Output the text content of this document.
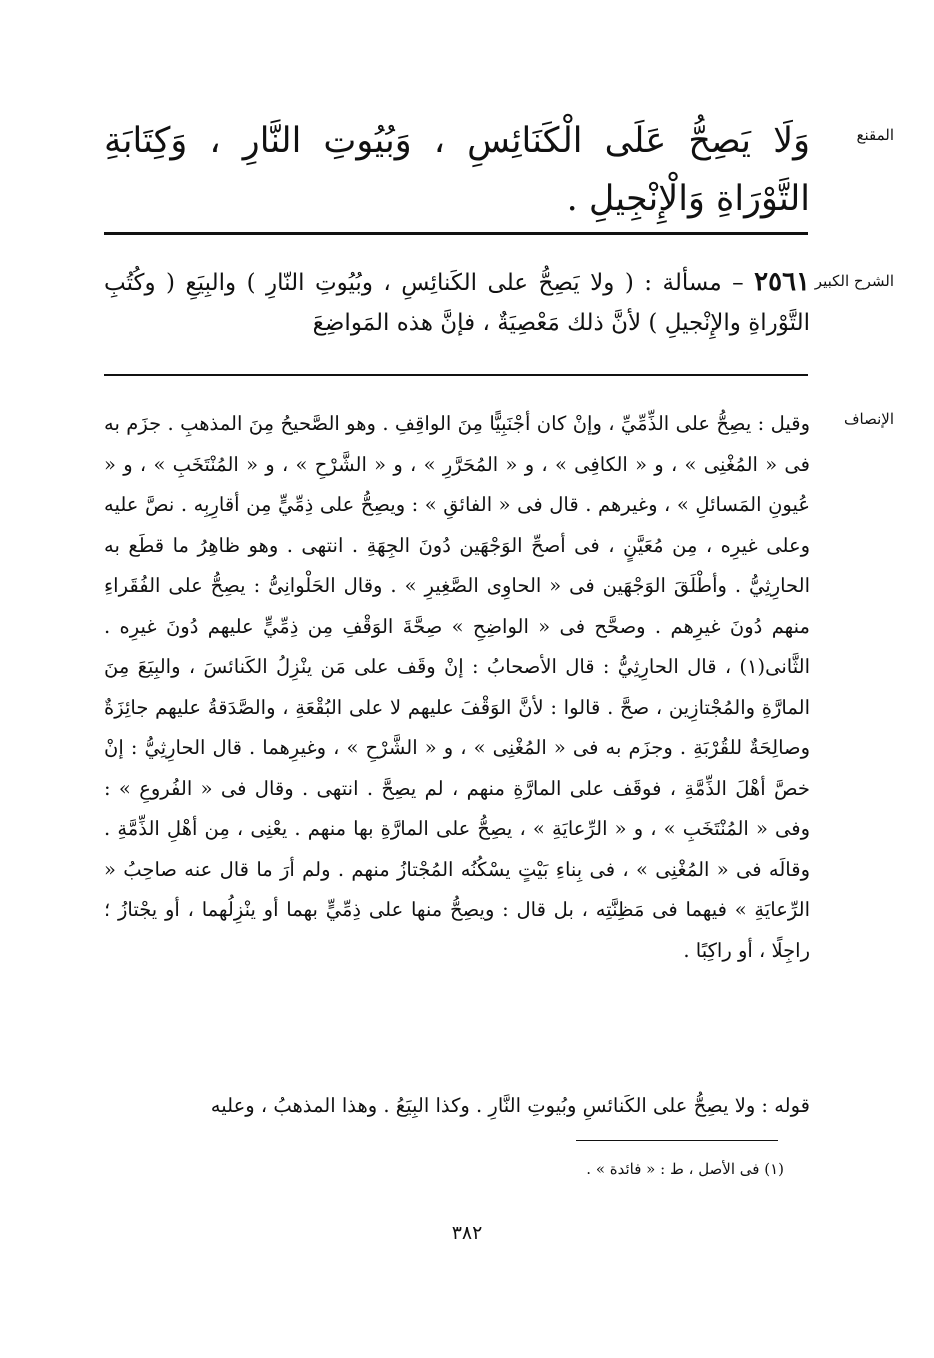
المقنع

وَلَا يَصِحُّ عَلَى الْكَنَائِسِ ، وَبُيُوتِ النَّارِ ، وَكِتَابَةِ التَّوْرَاةِ وَالْإِنْجِيلِ .

الشرح الكبير

٢٥٦١ – مسألة : ( ولا يَصِحُّ على الكَنائِسِ ، وبُيُوتِ النّارِ ) والبِيَعِ ( وكُتُبِ التَّوْراةِ والإِنْجيلِ ) لأنَّ ذلك مَعْصِيَةٌ ، فإنَّ هذه المَواضِعَ

الإنصاف

وقيل : يصِحُّ على الذِّمِّيِّ ، وإنْ كان أجْنَبِيًّا مِنَ الواقِفِ . وهو الصَّحيحُ مِنَ المذهبِ . جزَم به فى « المُغْنِى » ، و « الكافِى » ، و « المُحَرَّرِ » ، و « الشَّرْحِ » ، و « المُنْتَخَبِ » ، و « عُيونِ المَسائلِ » ، وغيرهم . قال فى « الفائقِ » : ويصِحُّ على ذِمِّيٍّ مِن أقارِبِه . نصَّ عليه وعلى غيرِه ، مِن مُعَيَّنٍ ، فى أصحِّ الوَجْهَين دُونَ الجِهَةِ . انتهى . وهو ظاهِرُ ما قطَع به الحارِثِيُّ . وأطْلَقَ الوَجْهَين فى « الحاوِى الصَّغِيرِ » . وقال الحَلْوانِىُّ : يصِحُّ على الفُقَراءِ منهم دُونَ غيرِهم . وصحَّح فى « الواضِحِ » صِحَّةَ الوَقْفِ مِن ذِمِّيٍّ عليهم دُونَ غيرِه . الثَّانى(١) ، قال الحارِثِيُّ : قال الأصحابُ : إنْ وقَف على مَن ينْزِلُ الكَنائسَ ، والبِيَعَ مِنَ المارَّةِ والمُجْتازِين ، صحَّ . قالوا : لأنَّ الوَقْفَ عليهم لا على البُقْعَةِ ، والصَّدَقةُ عليهم جائِزَةٌ وصالِحَةٌ للقُرْبَةِ . وجزَم به فى « المُغْنِى » ، و « الشَّرْحِ » ، وغيرِهما . قال الحارِثِيُّ : إنْ خصَّ أهْلَ الذِّمَّةِ ، فوقَف على المارَّةِ منهم ، لم يصِحَّ . انتهى . وقال فى « الفُروعِ » : وفى « المُنْتَخَبِ » ، و « الرِّعايَةِ » ، يصِحُّ على المارَّةِ بها منهم . يعْنِى ، مِن أهْلِ الذِّمَّةِ . وقالَه فى « المُغْنِى » ، فى بِناءِ بَيْتٍ يسْكُنُه المُجْتازُ منهم . ولم أرَ ما قال عنه صاحِبُ « الرِّعايَةِ » فيهما فى مَظِنَّتِه ، بل قال : ويصِحُّ منها على ذِمِّيٍّ بهما أو ينْزِلُهما ، أو يجْتازُ ؛ راجِلًا ، أو راكِبًا .

قوله : ولا يصِحُّ على الكَنائسِ وبُيوتِ النَّارِ . وكذا البِيَعُ . وهذا المذهبُ ، وعليه

(١) فى الأصل ، ط : « فائدة » .
٣٨٢
